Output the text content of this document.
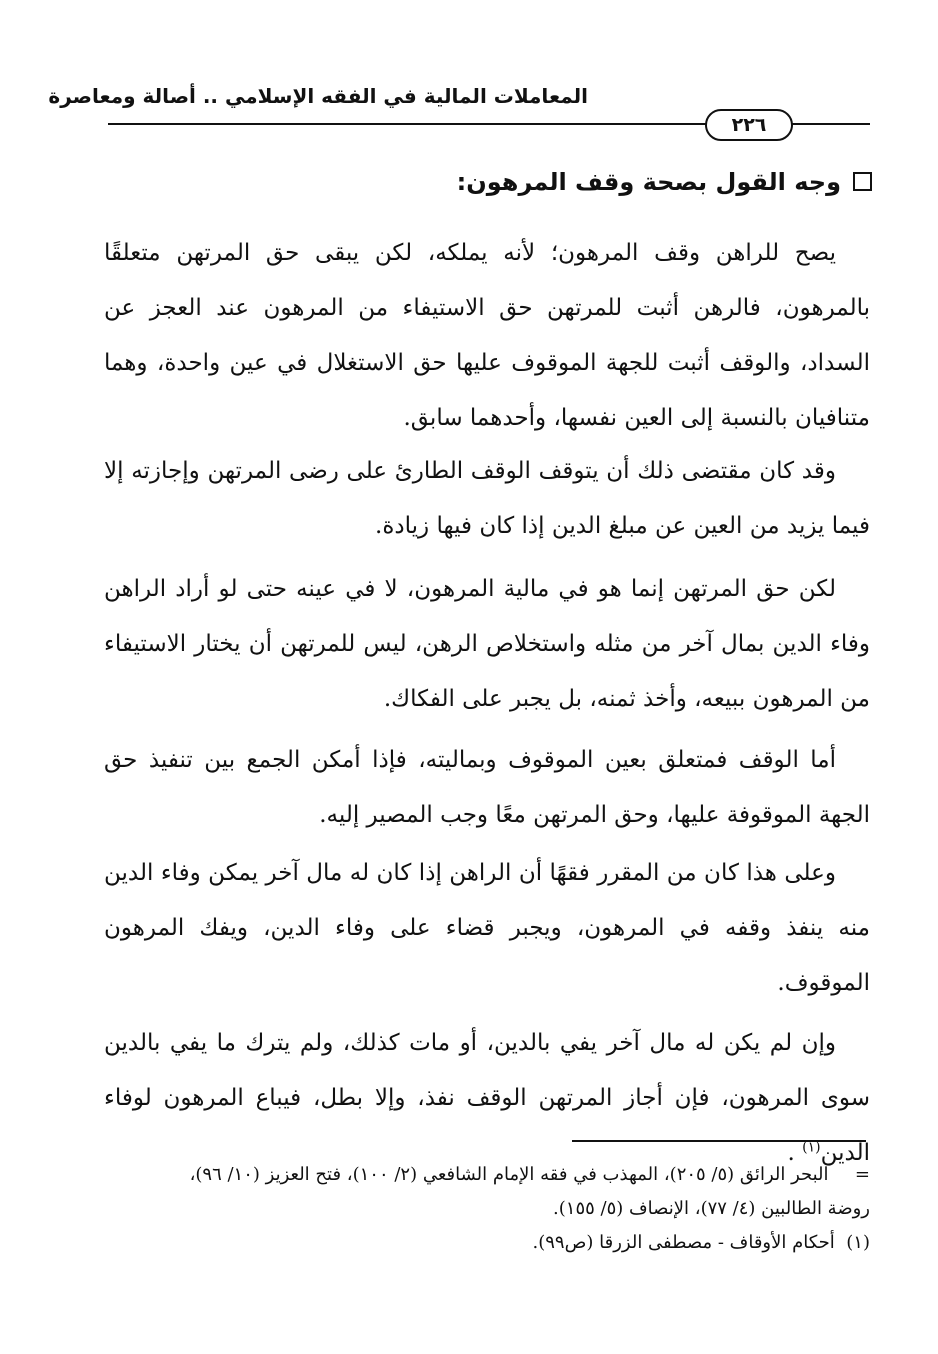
المعاملات المالية في الفقه الإسلامي .. أصالة ومعاصرة
٢٢٦
وجه القول بصحة وقف المرهون:
يصح للراهن وقف المرهون؛ لأنه يملكه، لكن يبقى حق المرتهن متعلقًا بالمرهون، فالرهن أثبت للمرتهن حق الاستيفاء من المرهون عند العجز عن السداد، والوقف أثبت للجهة الموقوف عليها حق الاستغلال في عين واحدة، وهما متنافيان بالنسبة إلى العين نفسها، وأحدهما سابق.
وقد كان مقتضى ذلك أن يتوقف الوقف الطارئ على رضى المرتهن وإجازته إلا فيما يزيد من العين عن مبلغ الدين إذا كان فيها زيادة.
لكن حق المرتهن إنما هو في مالية المرهون، لا في عينه حتى لو أراد الراهن وفاء الدين بمال آخر من مثله واستخلاص الرهن، ليس للمرتهن أن يختار الاستيفاء من المرهون ببيعه، وأخذ ثمنه، بل يجبر على الفكاك.
أما الوقف فمتعلق بعين الموقوف وبماليته، فإذا أمكن الجمع بين تنفيذ حق الجهة الموقوفة عليها، وحق المرتهن معًا وجب المصير إليه.
وعلى هذا كان من المقرر فقهًا أن الراهن إذا كان له مال آخر يمكن وفاء الدين منه ينفذ وقفه في المرهون، ويجبر قضاء على وفاء الدين، ويفك المرهون الموقوف.
وإن لم يكن له مال آخر يفي بالدين، أو مات كذلك، ولم يترك ما يفي بالدين سوى المرهون، فإن أجاز المرتهن الوقف نفذ، وإلا بطل، فيباع المرهون لوفاء الدين$^{(١)}$ .
=  البحر الرائق (٥/ ٢٠٥)، المهذب في فقه الإمام الشافعي (٢/ ١٠٠)، فتح العزيز (١٠/ ٩٦)،
روضة الطالبين (٤/ ٧٧)، الإنصاف (٥/ ١٥٥).
(١)  أحكام الأوقاف - مصطفى الزرقا (ص٩٩).
